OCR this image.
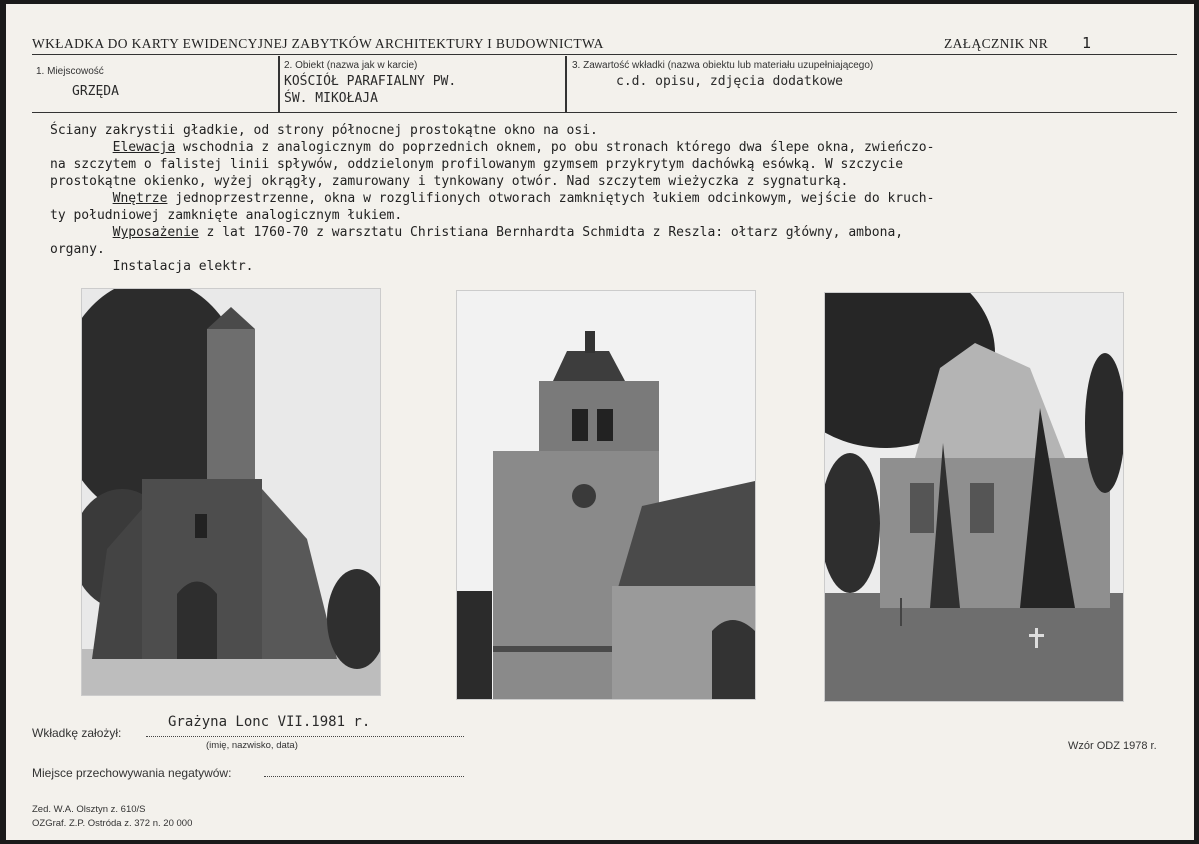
WKŁADKA DO KARTY EWIDENCYJNEJ ZABYTKÓW ARCHITEKTURY I BUDOWNICTWA	ZAŁĄCZNIK NR 1
1. Miejscowość
GRZĘDA
2. Obiekt (nazwa jak w karcie)
KOŚCIÓŁ PARAFIALNY PW.
ŚW. MIKOŁAJA
3. Zawartość wkładki (nazwa obiektu lub materiału uzupełniającego)
c.d. opisu, zdjęcia dodatkowe
Ściany zakrystii gładkie, od strony północnej prostokątne okno na osi.
Elewacja wschodnia z analogicznym do poprzednich oknem, po obu stronach którego dwa ślepe okna, zwieńczo-
na szczytem o falistej linii spływów, oddzielonym profilowanym gzymsem przykrytym dachówką esówką. W szczycie
prostokątne okienko, wyżej okrągły, zamurowany i tynkowany otwór. Nad szczytem wieżyczka z sygnaturką.
Wnętrze jednoprzestrzenne, okna w rozglifionych otworach zamkniętych łukiem odcinkowym, wejście do kruch-
ty południowej zamknięte analogicznym łukiem.
Wyposażenie z lat 1760-70 z warsztatu Christiana Bernhardta Schmidta z Reszla: ołtarz główny, ambona,
organy.
Instalacja elektr.
Wkładkę założył:
Grażyna Lonc VII.1981 r.
(imię, nazwisko, data)	Wzór ODZ 1978 r.
Miejsce przechowywania negatywów:
Zed. W.A. Olsztyn z. 610/S
OZGraf. Z.P. Ostróda z. 372 n. 20 000
